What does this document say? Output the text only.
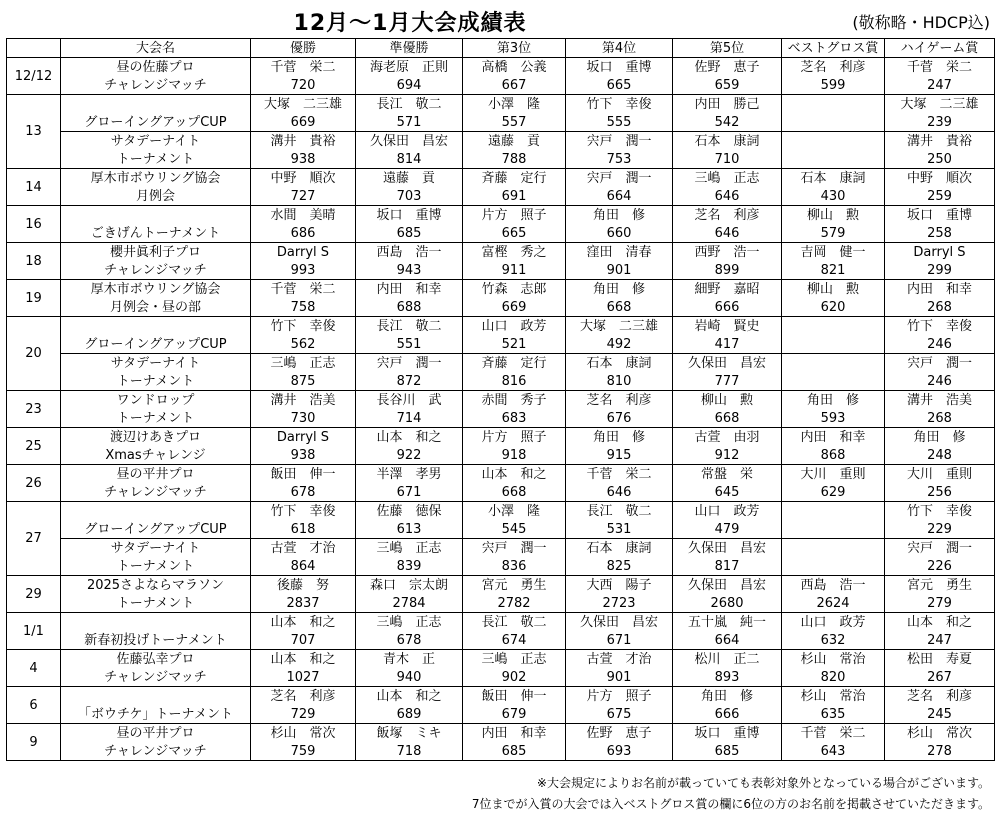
12月～1月大会成績表	(敬称略・HDCP込)
	大会名	優勝	準優勝	第3位	第4位	第5位	ベストグロス賞	ハイゲーム賞
12/12	昼の佐藤プロ	千菅　栄二	海老原　正則	高橋　公義	坂口　重博	佐野　恵子	芝名　利彦	千菅　栄二
	チャレンジマッチ	720	694	667	665	659	599	247
13		大塚　二三雄	長江　敬二	小澤　隆	竹下　幸俊	内田　勝己		大塚　二三雄
	グローイングアップCUP	669	571	557	555	542		239
	サタデーナイト	溝井　貴裕	久保田　昌宏	遠藤　貢	宍戸　潤一	石本　康詞		溝井　貴裕
	トーナメント	938	814	788	753	710		250
14	厚木市ボウリング協会	中野　順次	遠藤　貢	斉藤　定行	宍戸　潤一	三嶋　正志	石本　康詞	中野　順次
	月例会	727	703	691	664	646	430	259
16		水間　美晴	坂口　重博	片方　照子	角田　修	芝名　利彦	柳山　勲	坂口　重博
	ごきげんトーナメント	686	685	665	660	646	579	258
18	櫻井眞利子プロ	Darryl S	西島　浩一	富樫　秀之	窪田　清春	西野　浩一	吉岡　健一	Darryl S
	チャレンジマッチ	993	943	911	901	899	821	299
19	厚木市ボウリング協会	千菅　栄二	内田　和幸	竹森　志郎	角田　修	細野　嘉昭	柳山　勲	内田　和幸
	月例会・昼の部	758	688	669	668	666	620	268
20		竹下　幸俊	長江　敬二	山口　政芳	大塚　二三雄	岩崎　賢史		竹下　幸俊
	グローイングアップCUP	562	551	521	492	417		246
	サタデーナイト	三嶋　正志	宍戸　潤一	斉藤　定行	石本　康詞	久保田　昌宏		宍戸　潤一
	トーナメント	875	872	816	810	777		246
23	ワンドロップ	溝井　浩美	長谷川　武	赤間　秀子	芝名　利彦	柳山　勲	角田　修	溝井　浩美
	トーナメント	730	714	683	676	668	593	268
25	渡辺けあきプロ	Darryl S	山本　和之	片方　照子	角田　修	古萱　由羽	内田　和幸	角田　修
	Xmasチャレンジ	938	922	918	915	912	868	248
26	昼の平井プロ	飯田　伸一	半澤　孝男	山本　和之	千菅　栄二	常盤　栄	大川　重則	大川　重則
	チャレンジマッチ	678	671	668	646	645	629	256
27		竹下　幸俊	佐藤　徳保	小澤　隆	長江　敬二	山口　政芳		竹下　幸俊
	グローイングアップCUP	618	613	545	531	479		229
	サタデーナイト	古萱　才治	三嶋　正志	宍戸　潤一	石本　康詞	久保田　昌宏		宍戸　潤一
	トーナメント	864	839	836	825	817		226
29	2025さよならマラソン	後藤　努	森口　宗太朗	宮元　勇生	大西　陽子	久保田　昌宏	西島　浩一	宮元　勇生
	トーナメント	2837	2784	2782	2723	2680	2624	279
1/1		山本　和之	三嶋　正志	長江　敬二	久保田　昌宏	五十嵐　純一	山口　政芳	山本　和之
	新春初投げトーナメント	707	678	674	671	664	632	247
4	佐藤弘幸プロ	山本　和之	青木　正	三嶋　正志	古萱　才治	松川　正二	杉山　常治	松田　寿夏
	チャレンジマッチ	1027	940	902	901	893	820	267
6		芝名　利彦	山本　和之	飯田　伸一	片方　照子	角田　修	杉山　常治	芝名　利彦
	「ボウチケ」トーナメント	729	689	679	675	666	635	245
9	昼の平井プロ	杉山　常次	飯塚　ミキ	内田　和幸	佐野　恵子	坂口　重博	千菅　栄二	杉山　常次
	チャレンジマッチ	759	718	685	693	685	643	278
※大会規定によりお名前が載っていても表彰対象外となっている場合がございます。
7位までが入賞の大会では入ベストグロス賞の欄に6位の方のお名前を掲載させていただきます。
